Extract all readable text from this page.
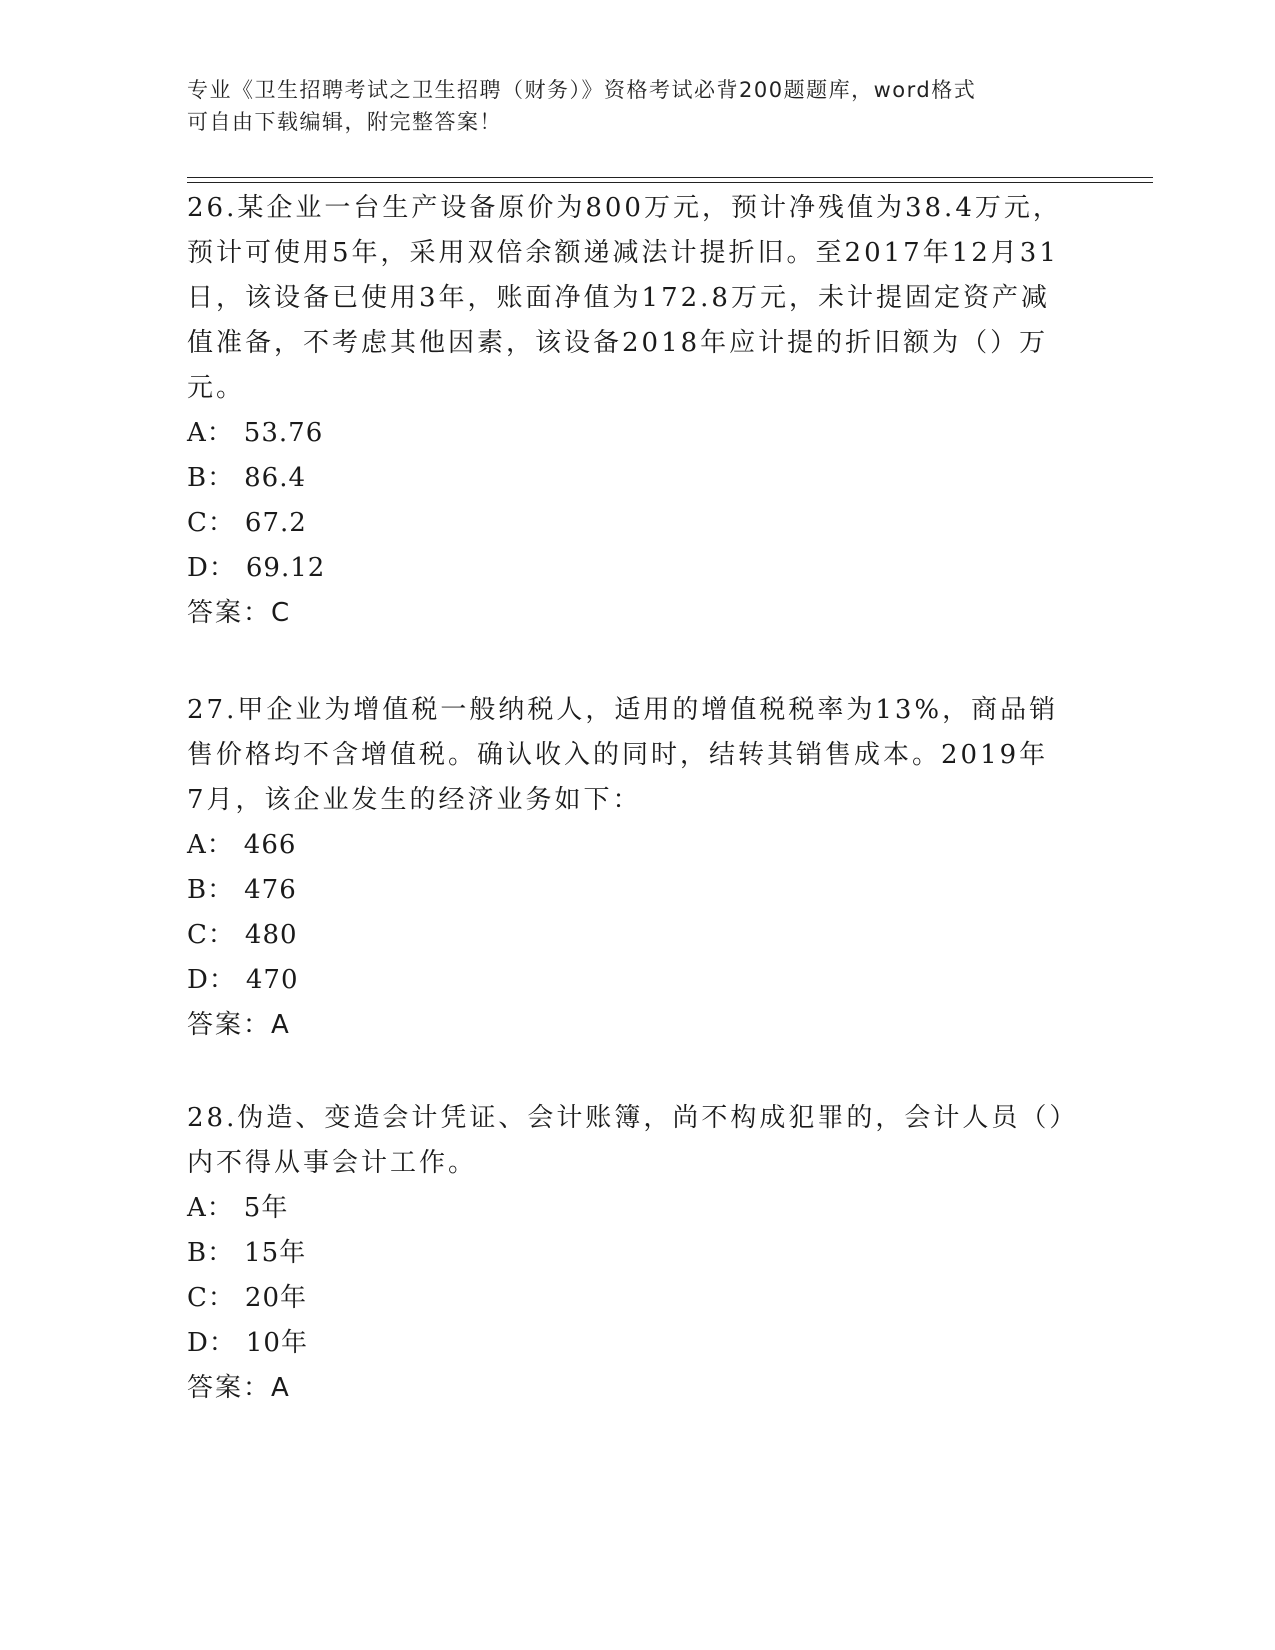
专业《卫生招聘考试之卫生招聘（财务）》资格考试必背200题题库，word格式
可自由下载编辑，附完整答案！

26.某企业一台生产设备原价为800万元，预计净残值为38.4万元，预计可使用5年，采用双倍余额递减法计提折旧。至2017年12月31日，该设备已使用3年，账面净值为172.8万元，未计提固定资产减值准备，不考虑其他因素，该设备2018年应计提的折旧额为（）万元。

A： 53.76

B： 86.4

C： 67.2

D： 69.12

答案：C

27.甲企业为增值税一般纳税人，适用的增值税税率为13%，商品销售价格均不含增值税。确认收入的同时，结转其销售成本。2019年7月，该企业发生的经济业务如下：

A： 466

B： 476

C： 480

D： 470

答案：A

28.伪造、变造会计凭证、会计账簿，尚不构成犯罪的，会计人员（）内不得从事会计工作。

A： 5年

B： 15年

C： 20年

D： 10年

答案：A
